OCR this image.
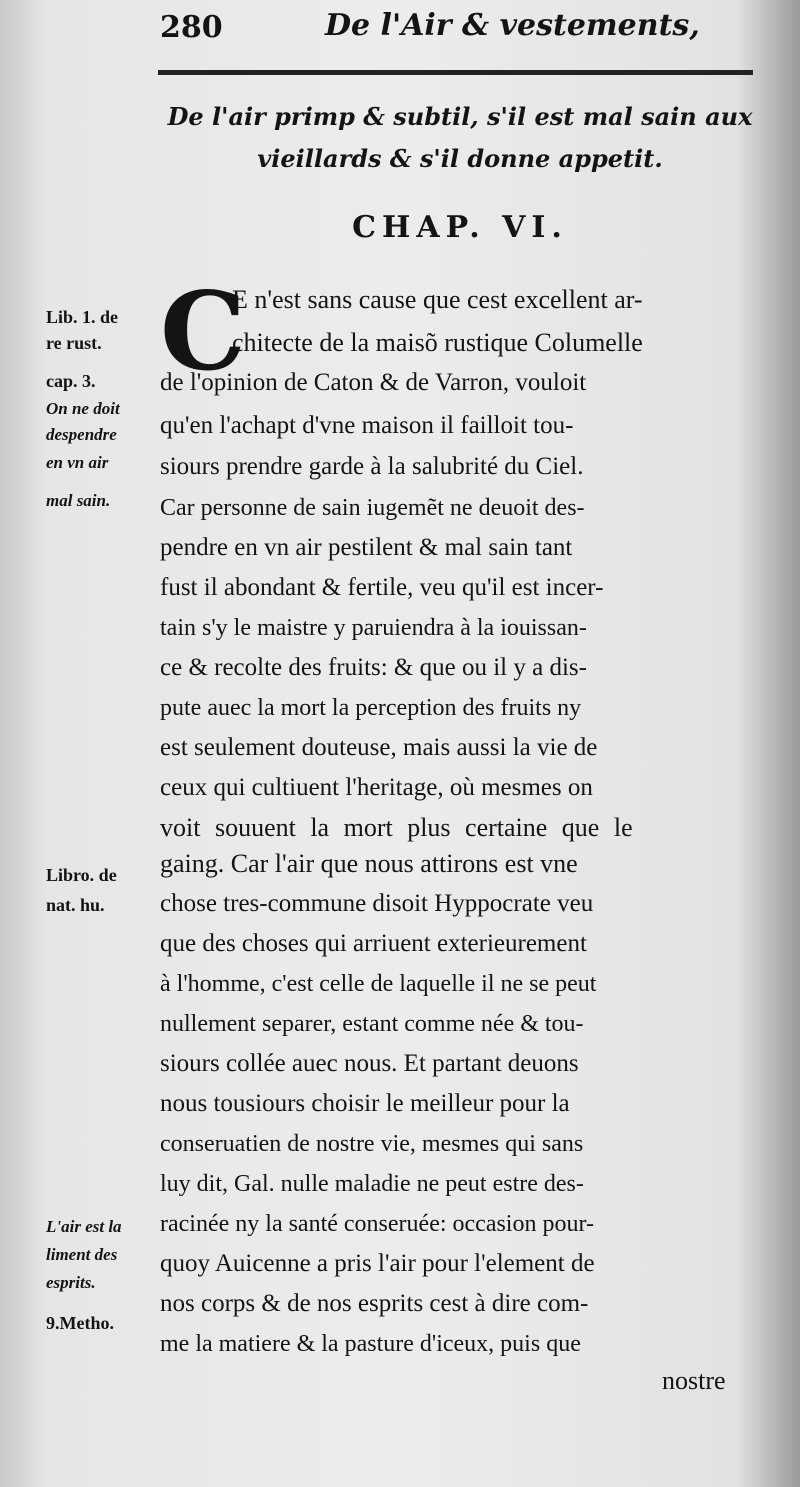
280	De l'Air & vestements,
De l'air primp & subtil, s'il est mal sain aux
vieillards & s'il donne appetit.
CHAP. VI.
C
E n'est sans cause que cest excellent ar-
chitecte de la maisõ rustique Columelle
de l'opinion de Caton & de Varron, vouloit
qu'en l'achapt d'vne maison il failloit tou-
siours prendre garde à la salubrité du Ciel.
Car personne de sain iugemẽt ne deuoit des-
pendre en vn air pestilent & mal sain tant
fust il abondant & fertile, veu qu'il est incer-
tain s'y le maistre y paruiendra à la iouissan-
ce & recolte des fruits: & que ou il y a dis-
pute auec la mort la perception des fruits ny
est seulement douteuse, mais aussi la vie de
ceux qui cultiuent l'heritage, où mesmes on
voit souuent la mort plus certaine que le
gaing. Car l'air que nous attirons est vne
chose tres-commune disoit Hyppocrate veu
que des choses qui arriuent exterieurement
à l'homme, c'est celle de laquelle il ne se peut
nullement separer, estant comme née & tou-
siours collée auec nous. Et partant deuons
nous tousiours choisir le meilleur pour la
conseruatien de nostre vie, mesmes qui sans
luy dit, Gal. nulle maladie ne peut estre des-
racinée ny la santé conseruée: occasion pour-
quoy Auicenne a pris l'air pour l'element de
nos corps & de nos esprits cest à dire com-
me la matiere & la pasture d'iceux, puis que
nostre
Lib. 1. de
re rust.
cap. 3.
On ne doit
despendre
en vn air
mal sain.
Libro. de
nat. hu.
L'air est la
liment des
esprits.
9.Metho.
